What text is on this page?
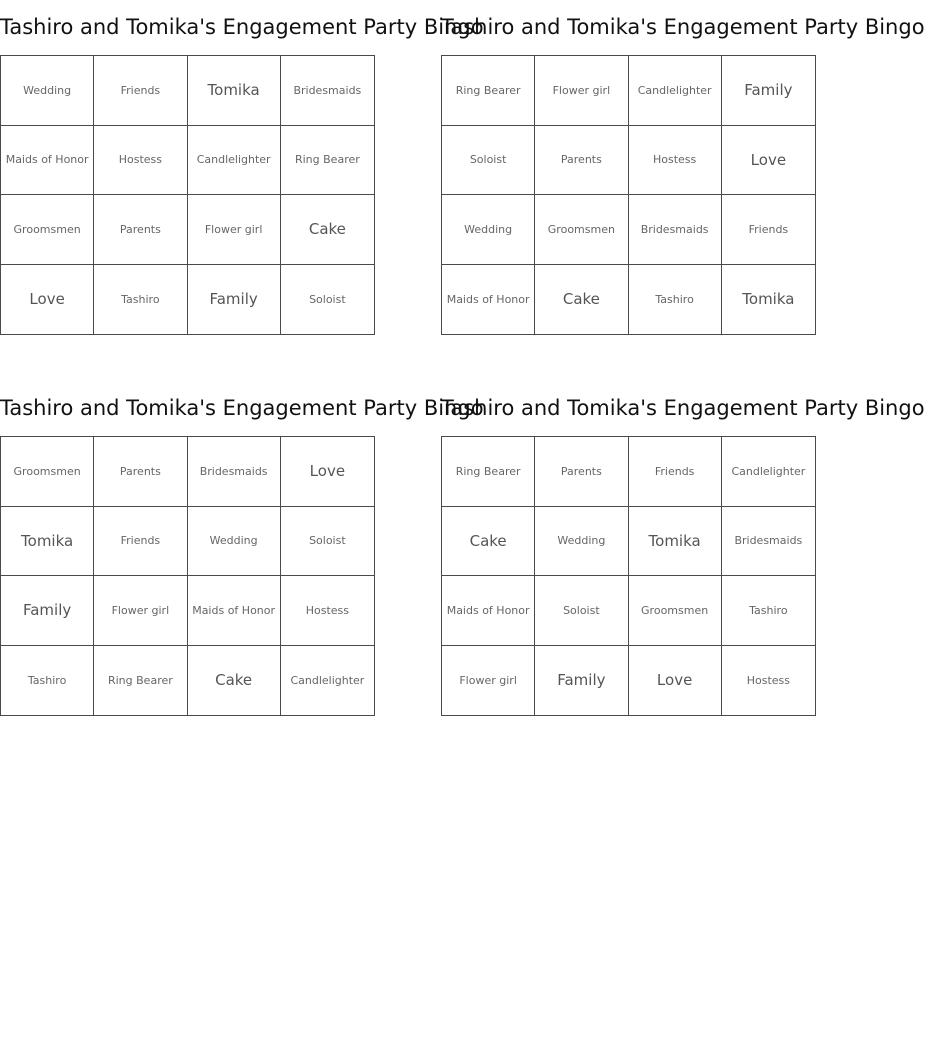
Tashiro and Tomika's Engagement Party Bingo
Wedding	Friends	Tomika	Bridesmaids
Maids of Honor	Hostess	Candlelighter	Ring Bearer
Groomsmen	Parents	Flower girl	Cake
Love	Tashiro	Family	Soloist
Tashiro and Tomika's Engagement Party Bingo
Ring Bearer	Flower girl	Candlelighter	Family
Soloist	Parents	Hostess	Love
Wedding	Groomsmen	Bridesmaids	Friends
Maids of Honor	Cake	Tashiro	Tomika
Tashiro and Tomika's Engagement Party Bingo
Groomsmen	Parents	Bridesmaids	Love
Tomika	Friends	Wedding	Soloist
Family	Flower girl	Maids of Honor	Hostess
Tashiro	Ring Bearer	Cake	Candlelighter
Tashiro and Tomika's Engagement Party Bingo
Ring Bearer	Parents	Friends	Candlelighter
Cake	Wedding	Tomika	Bridesmaids
Maids of Honor	Soloist	Groomsmen	Tashiro
Flower girl	Family	Love	Hostess
